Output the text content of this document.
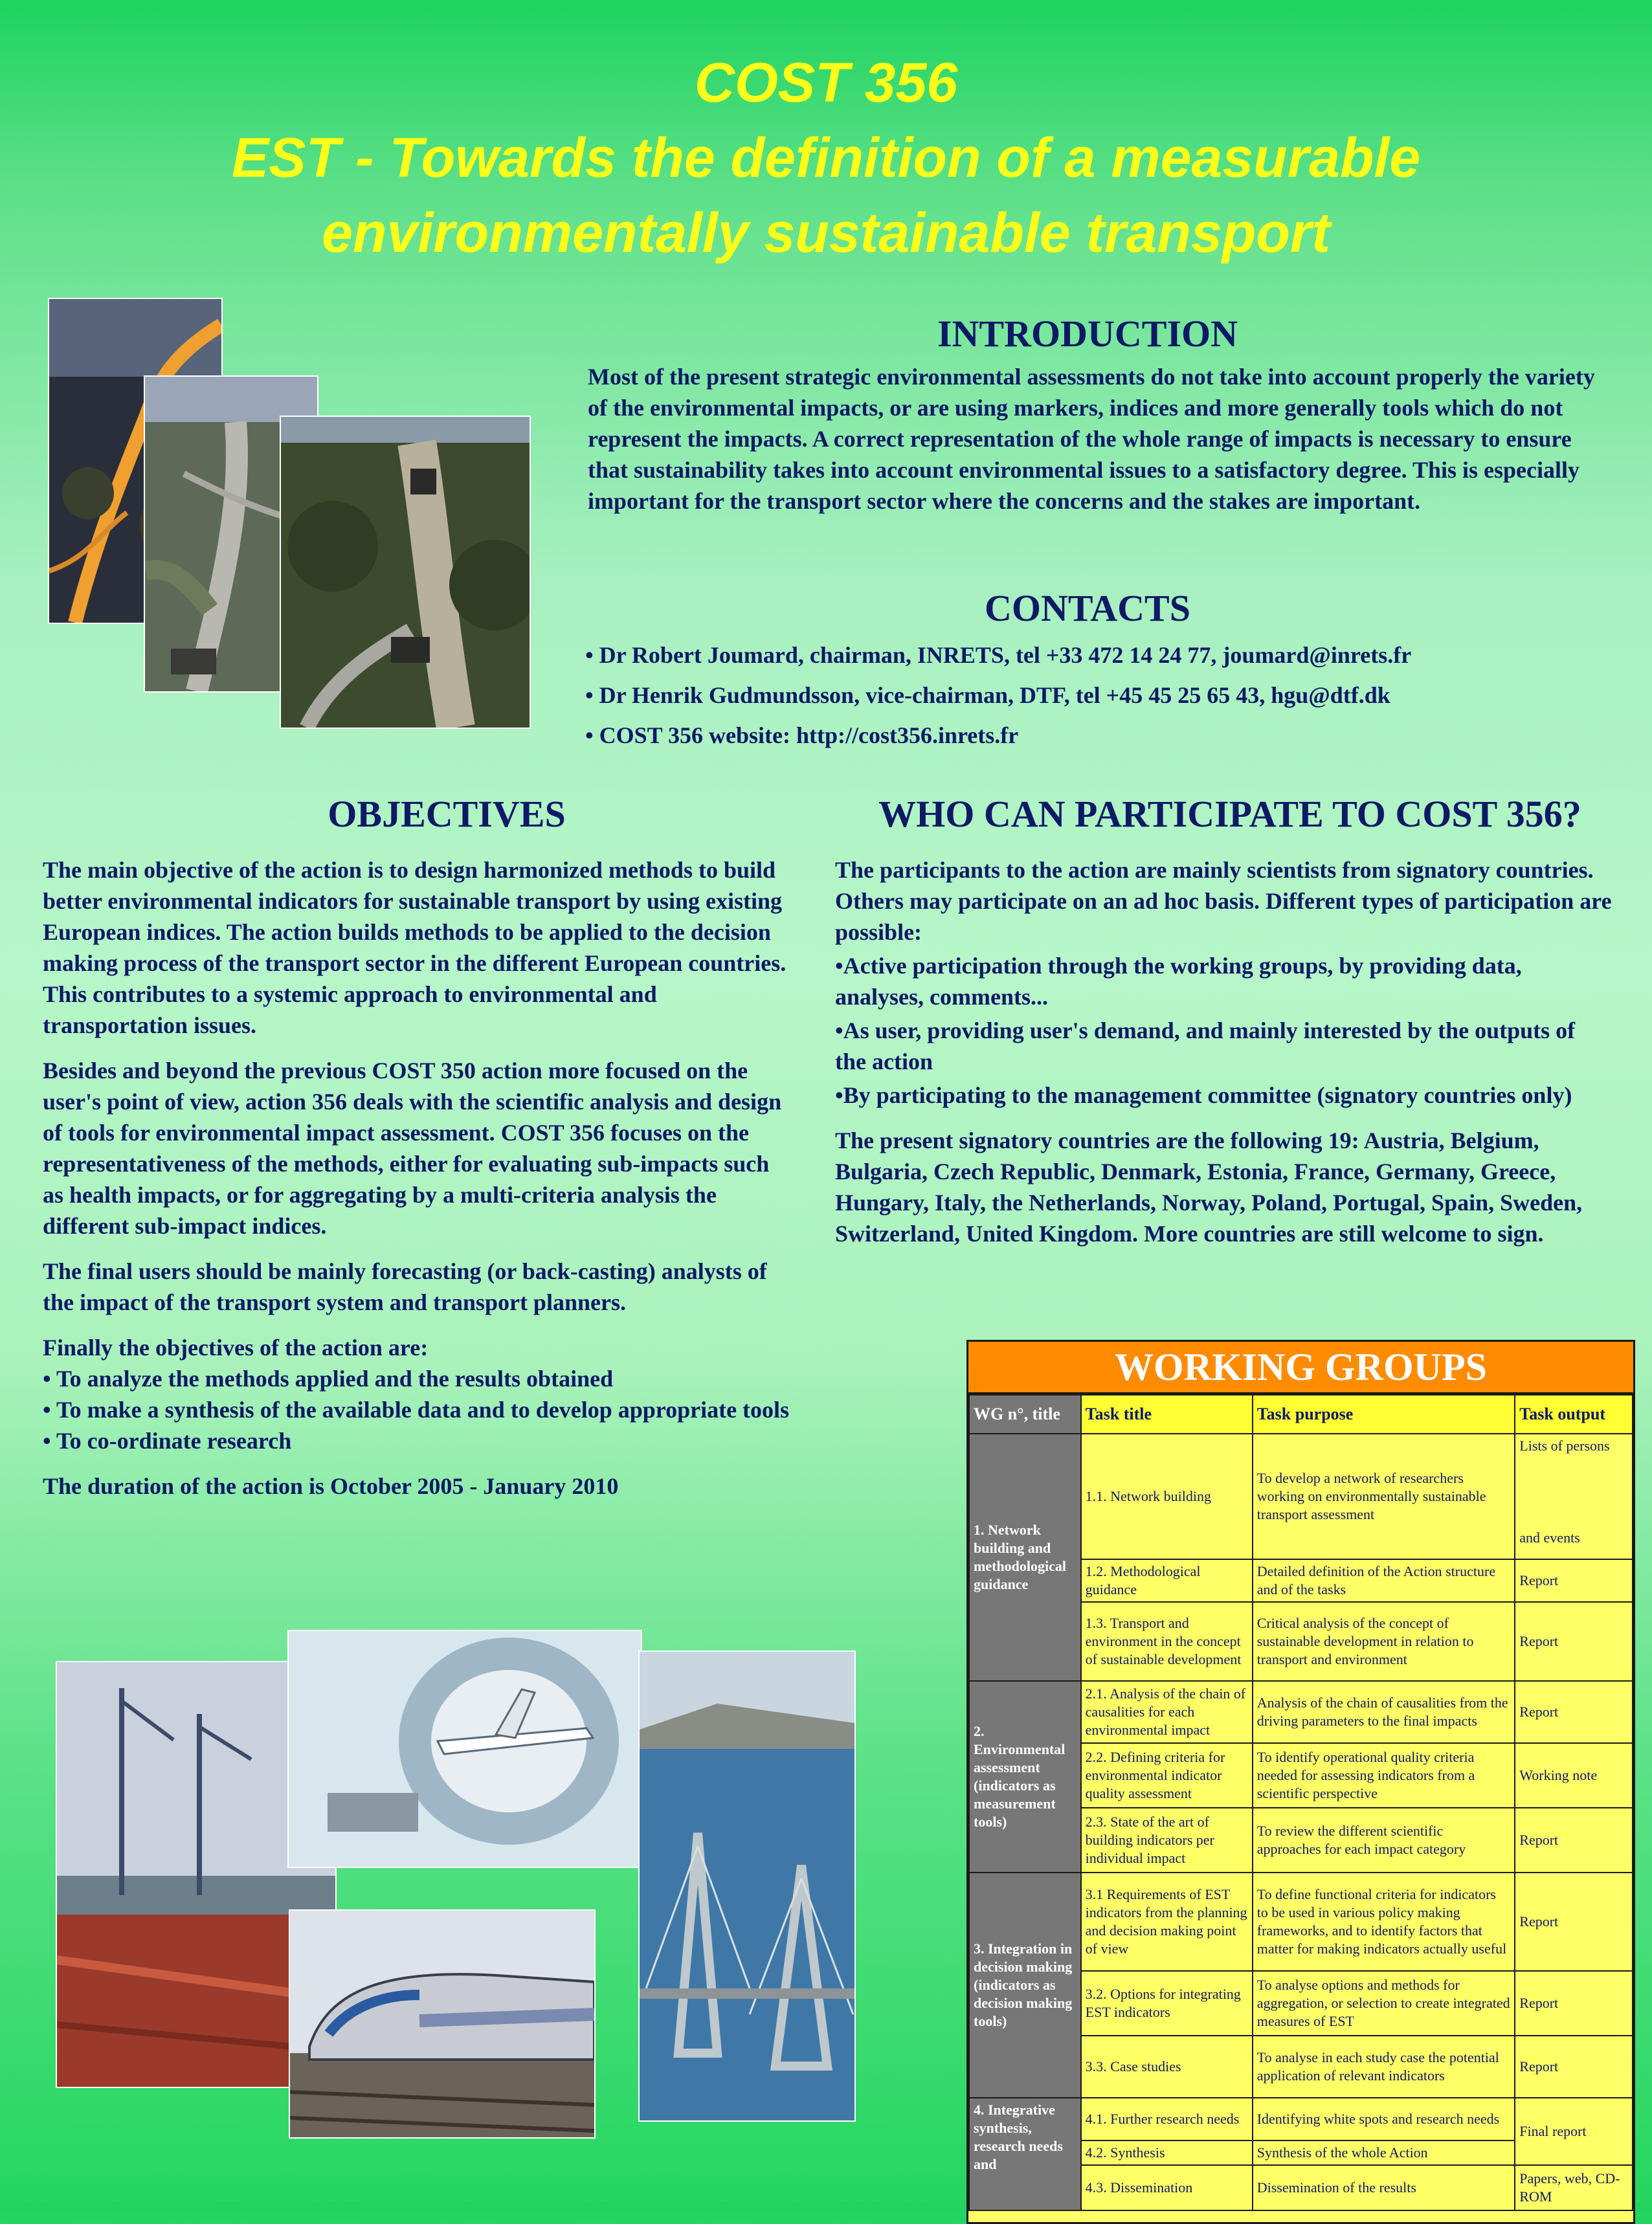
COST 356
EST - Towards the definition of a measurable
environmentally sustainable transport
INTRODUCTION
Most of the present strategic environmental assessments do not take into account properly the variety of the environmental impacts, or are using markers, indices and more generally tools which do not represent the impacts. A correct representation of the whole range of impacts is necessary to ensure that sustainability takes into account environmental issues to a satisfactory degree. This is especially important for the transport sector where the concerns and the stakes are important.
CONTACTS
• Dr Robert Joumard, chairman, INRETS, tel +33 472 14 24 77, joumard@inrets.fr
• Dr Henrik Gudmundsson, vice-chairman, DTF, tel +45 45 25 65 43, hgu@dtf.dk
• COST 356 website: http://cost356.inrets.fr
OBJECTIVES

The main objective of the action is to design harmonized methods to build better environmental indicators for sustainable transport by using existing European indices. The action builds methods to be applied to the decision making process of the transport sector in the different European countries. This contributes to a systemic approach to environmental and transportation issues.

Besides and beyond the previous COST 350 action more focused on the user's point of view, action 356 deals with the scientific analysis and design of tools for environmental impact assessment. COST 356 focuses on the representativeness of the methods, either for evaluating sub-impacts such as health impacts, or for aggregating by a multi-criteria analysis the different sub-impact indices.

The final users should be mainly forecasting (or back-casting) analysts of the impact of the transport system and transport planners.

Finally the objectives of the action are:
• To analyze the methods applied and the results obtained
• To make a synthesis of the available data and to develop appropriate tools
• To co-ordinate research

The duration of the action is October 2005 - January 2010

WHO CAN PARTICIPATE TO COST 356?

The participants to the action are mainly scientists from signatory countries. Others may participate on an ad hoc basis. Different types of participation are possible:

•Active participation through the working groups, by providing data, analyses, comments...

•As user, providing user's demand, and mainly interested by the outputs of the action

•By participating to the management committee (signatory countries only)

The present signatory countries are the following 19: Austria, Belgium, Bulgaria, Czech Republic, Denmark, Estonia, France, Germany, Greece, Hungary, Italy, the Netherlands, Norway, Poland, Portugal, Spain, Sweden, Switzerland, United Kingdom. More countries are still welcome to sign.

WORKING GROUPS
WG n°, title	Task title	Task purpose	Task output
1. Network building and methodological guidance	1.1. Network building	To develop a network of researchers working on environmentally sustainable transport assessment	Lists of persons
and events

	1.2. Methodological guidance	Detailed definition of the Action structure and of the tasks	Report
	1.3. Transport and environment in the concept of sustainable development	Critical analysis of the concept of sustainable development in relation to transport and environment	Report
2. Environmental assessment (indicators as measurement tools)	2.1. Analysis of the chain of causalities for each environmental impact	Analysis of the chain of causalities from the driving parameters to the final impacts	Report
	2.2. Defining criteria for environmental indicator quality assessment	To identify operational quality criteria needed for assessing indicators from a scientific perspective	Working note
	2.3. State of the art of building indicators per individual impact	To review the different scientific approaches for each impact category	Report
3. Integration in decision making (indicators as decision making tools)	3.1 Requirements of EST indicators from the planning and decision making point of view	To define functional criteria for indicators to be used in various policy making frameworks, and to identify factors that matter for making indicators actually useful	Report
	3.2. Options for integrating EST indicators	To analyse options and methods for aggregation, or selection to create integrated measures of EST	Report
	3.3. Case studies	To analyse in each study case the potential application of relevant indicators	Report
4. Integrative synthesis, research needs and	4.1. Further research needs	Identifying white spots and research needs	Final report
	4.2. Synthesis	Synthesis of the whole Action	
	4.3. Dissemination	Dissemination of the results	Papers, web, CD-ROM
